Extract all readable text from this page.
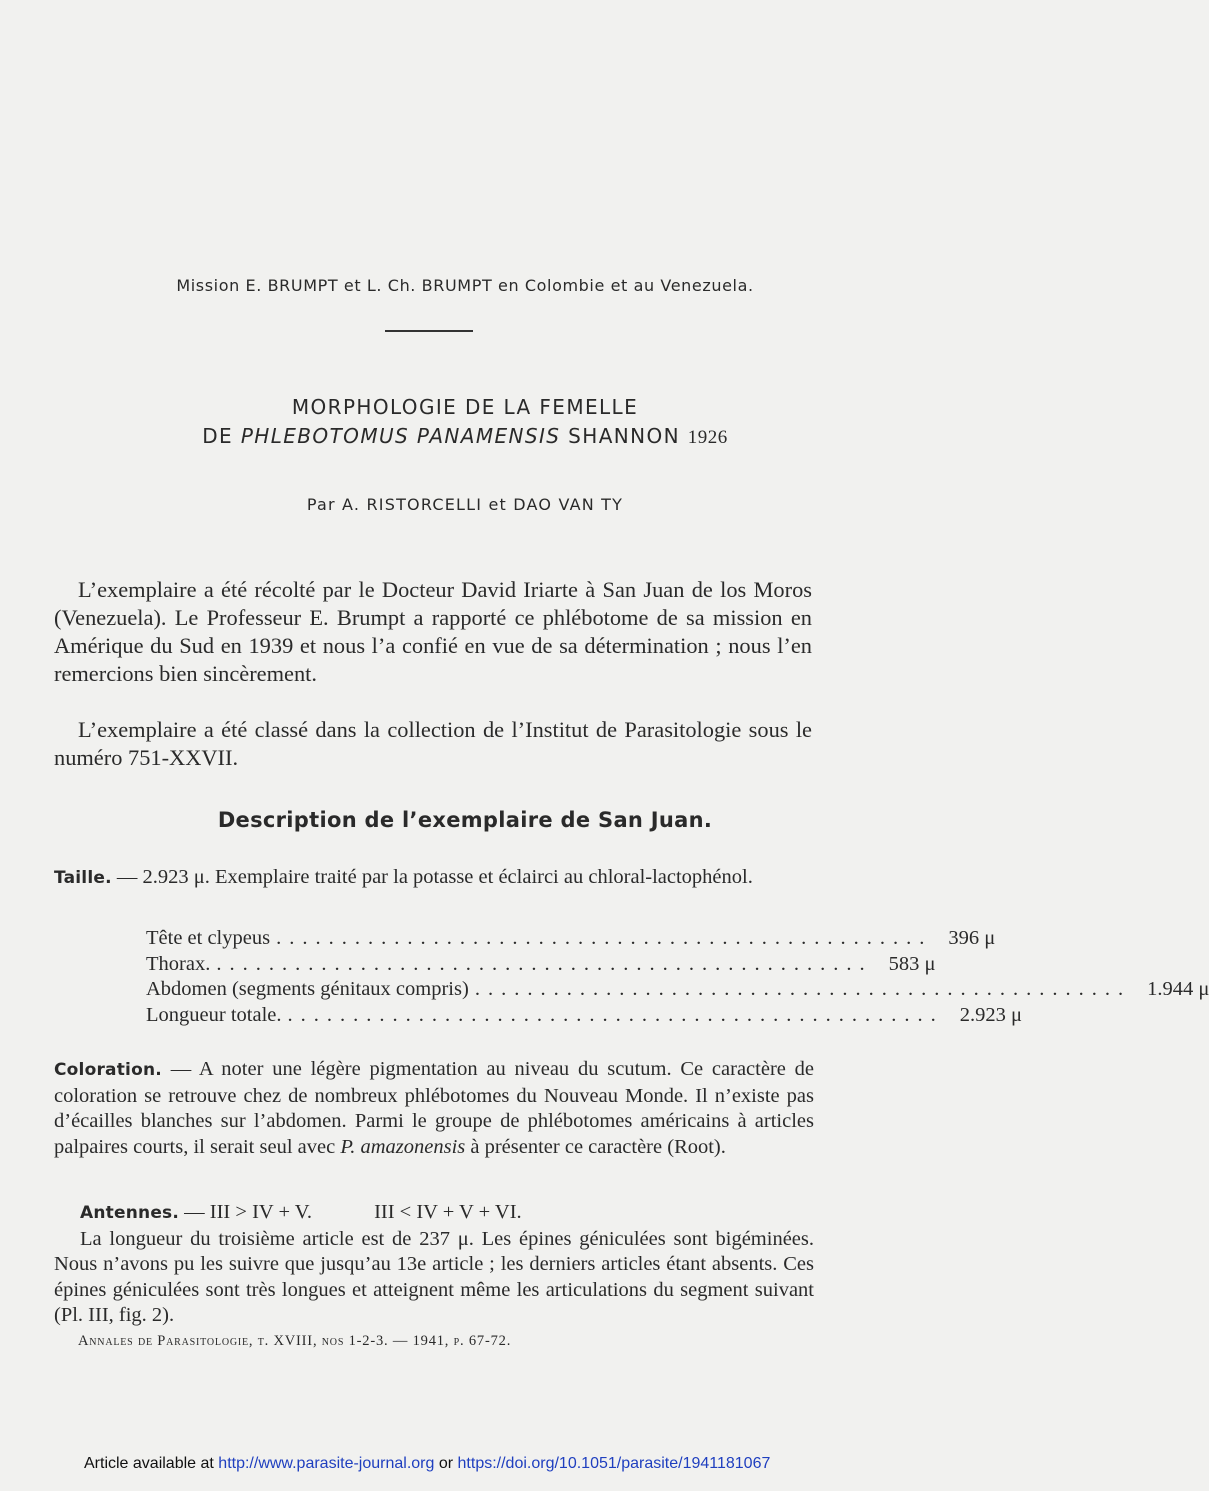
Mission E. BRUMPT et L. Ch. BRUMPT en Colombie et au Venezuela.
MORPHOLOGIE DE LA FEMELLE
DE PHLEBOTOMUS PANAMENSIS SHANNON 1926
Par A. RISTORCELLI et DAO VAN TY
L’exemplaire a été récolté par le Docteur David Iriarte à San Juan de los Moros (Venezuela). Le Professeur E. Brumpt a rapporté ce phlébotome de sa mission en Amérique du Sud en 1939 et nous l’a confié en vue de sa détermination ; nous l’en remercions bien sincèrement.
L’exemplaire a été classé dans la collection de l’Institut de Parasitologie sous le numéro 751-XXVII.
Description de l’exemplaire de San Juan.
Taille. — 2.923 μ. Exemplaire traité par la potasse et éclairci au chloral-lactophénol.
Tête et clypeus .................................................. 396 μ
Thorax. .................................................. 583 μ
Abdomen (segments génitaux compris) .................................................. 1.944 μ
Longueur totale. .................................................. 2.923 μ
Coloration. — A noter une légère pigmentation au niveau du scutum. Ce caractère de coloration se retrouve chez de nombreux phlébotomes du Nouveau Monde. Il n’existe pas d’écailles blanches sur l’abdomen. Parmi le groupe de phlébotomes américains à articles palpaires courts, il serait seul avec P. amazonensis à présenter ce caractère (Root).
Antennes. — III > IV + V.	III < IV + V + VI.
La longueur du troisième article est de 237 μ. Les épines géniculées sont bigéminées. Nous n’avons pu les suivre que jusqu’au 13e article ; les derniers articles étant absents. Ces épines géniculées sont très longues et atteignent même les articulations du segment suivant (Pl. III, fig. 2).
Annales de Parasitologie, t. XVIII, nos 1-2-3. — 1941, p. 67-72.
Article available at http://www.parasite-journal.org or https://doi.org/10.1051/parasite/1941181067
